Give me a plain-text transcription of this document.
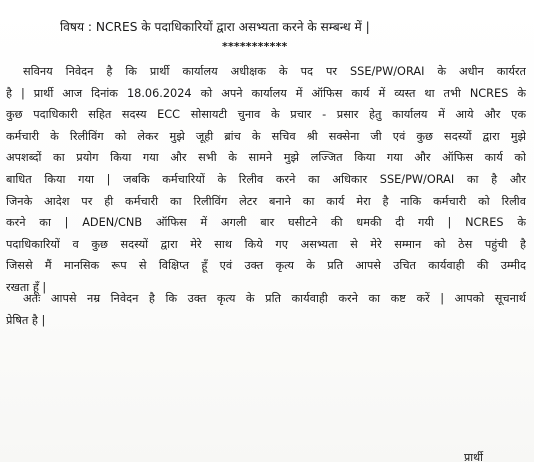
विषय : NCRES के पदाधिकारियों द्वारा असभ्यता करने के सम्बन्ध में |
***********

सविनय निवेदन है कि प्रार्थी कार्यालय अधीक्षक के पद पर SSE/PW/ORAI के अधीन कार्यरत
है | प्रार्थी आज दिनांक 18.06.2024 को अपने कार्यालय में ऑफिस कार्य में व्यस्त था तभी NCRES के
कुछ पदाधिकारी सहित सदस्य ECC सोसायटी चुनाव के प्रचार - प्रसार हेतु कार्यालय में आये और एक
कर्मचारी के रिलीविंग को लेकर मुझे जूही ब्रांच के सचिव श्री सक्सेना जी एवं कुछ सदस्यों द्वारा मुझे
अपशब्दों का प्रयोग किया गया और सभी के सामने मुझे लज्जित किया गया और ऑफिस कार्य को
बाधित किया गया | जबकि कर्मचारियों के रिलीव करने का अधिकार SSE/PW/ORAI का है और
जिनके आदेश पर ही कर्मचारी का रिलीविंग लेटर बनाने का कार्य मेरा है नाकि कर्मचारी को रिलीव
करने का | ADEN/CNB ऑफिस में अगली बार घसीटने की धमकी दी गयी | NCRES के
पदाधिकारियों व कुछ सदस्यों द्वारा मेरे साथ किये गए असभ्यता से मेरे सम्मान को ठेस पहुंची है
जिससे मैं मानसिक रूप से विक्षिप्त हूँ एवं उक्त कृत्य के प्रति आपसे उचित कार्यवाही की उम्मीद
रखता हूँ |

अतः आपसे नम्र निवेदन है कि उक्त कृत्य के प्रति कार्यवाही करने का कष्ट करें | आपको सूचनार्थ
प्रेषित है |

प्रार्थी
